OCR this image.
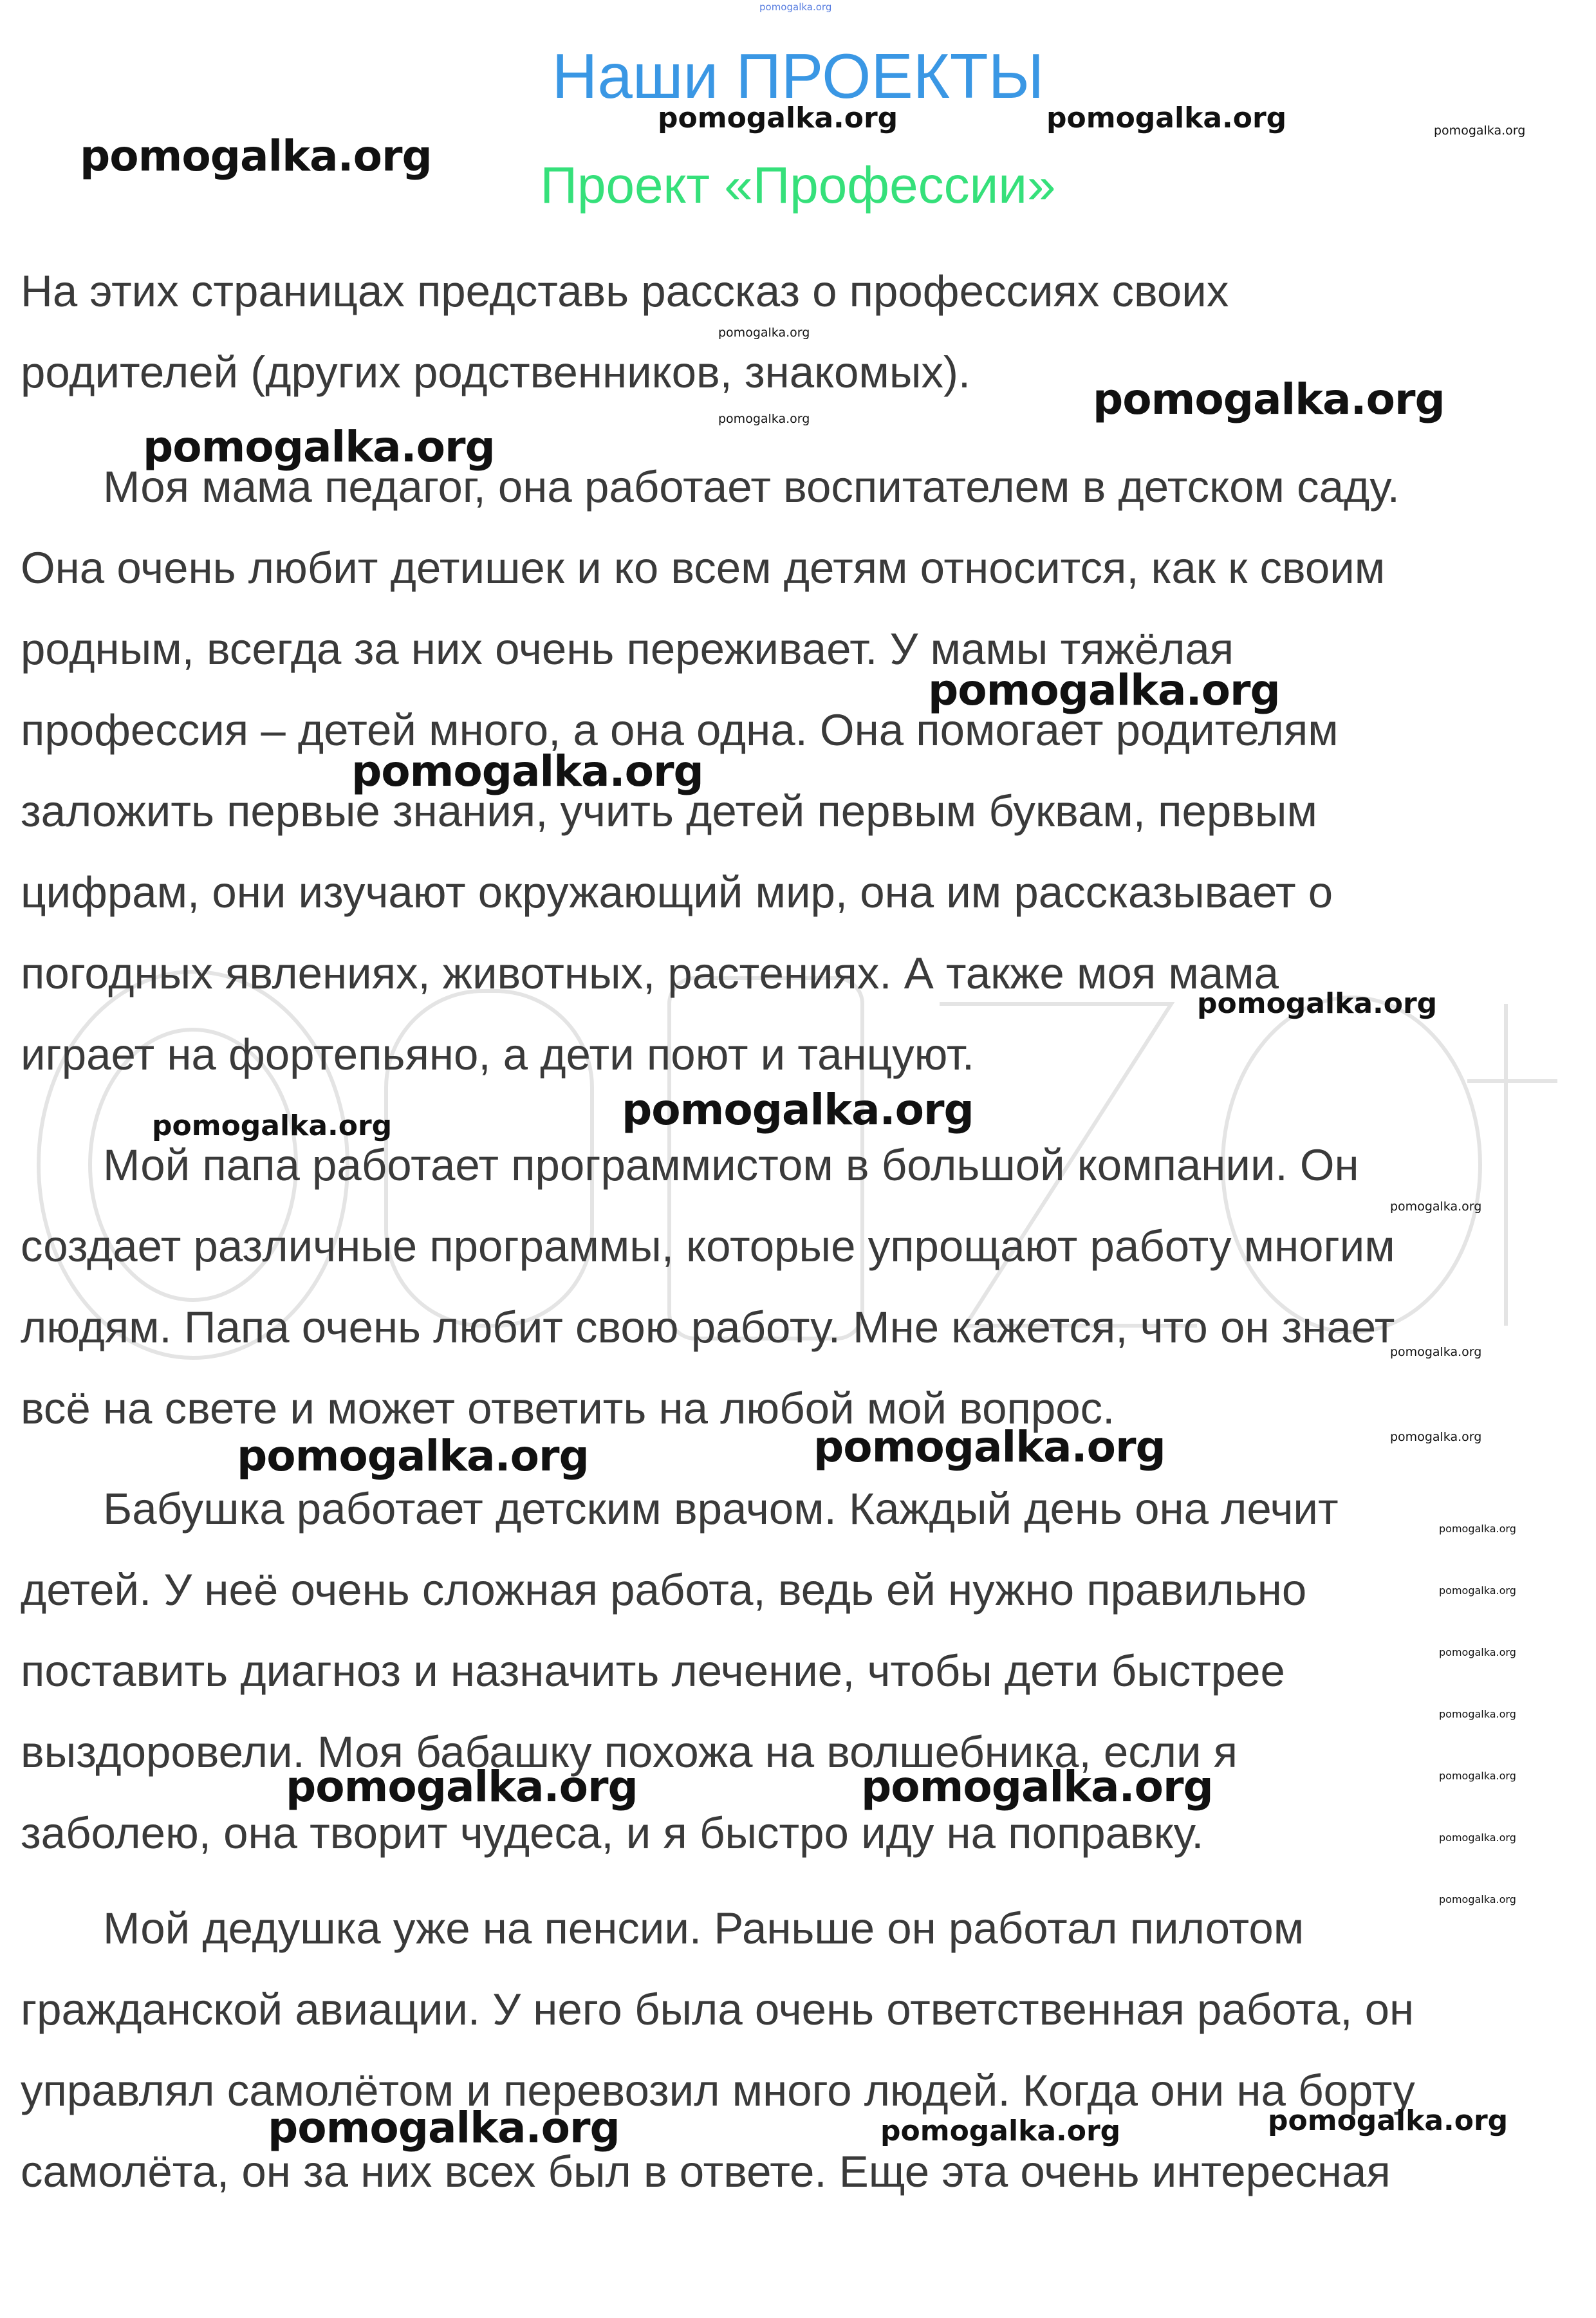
pomogalka.org
Наши ПРОЕКТЫ
Проект «Профессии»

На этих страницах представь рассказ о профессиях своих

родителей (других родственников, знакомых).

Моя мама педагог, она работает воспитателем в детском саду.

Она очень любит детишек и ко всем детям относится, как к своим

родным, всегда за них очень переживает. У мамы тяжёлая

профессия – детей много, а она одна. Она помогает родителям

заложить первые знания, учить детей первым буквам, первым

цифрам, они изучают окружающий мир, она им рассказывает о

погодных явлениях, животных, растениях. А также моя мама

играет на фортепьяно, а дети поют и танцуют.

Мой папа работает программистом в большой компании. Он

создает различные программы, которые упрощают работу многим

людям. Папа очень любит свою работу. Мне кажется, что он знает

всё на свете и может ответить на любой мой вопрос.

Бабушка работает детским врачом. Каждый день она лечит

детей. У неё очень сложная работа, ведь ей нужно правильно

поставить диагноз и назначить лечение, чтобы дети быстрее

выздоровели. Моя бабашку похожа на волшебника, если я

заболею, она творит чудеса, и я быстро иду на поправку.

Мой дедушка уже на пенсии. Раньше он работал пилотом

гражданской авиации. У него была очень ответственная работа, он

управлял самолётом и перевозил много людей. Когда они на борту

самолёта, он за них всех был в ответе. Еще эта очень интересная

pomogalka.org
pomogalka.org	pomogalka.org	pomogalka.org
pomogalka.org
pomogalka.org	pomogalka.org
pomogalka.org
pomogalka.org
pomogalka.org
pomogalka.org
pomogalka.org	pomogalka.org
pomogalka.org
pomogalka.org
pomogalka.org
pomogalka.org	pomogalka.org
pomogalka.org
pomogalka.org
pomogalka.org
pomogalka.org
pomogalka.org
pomogalka.org
pomogalka.org
pomogalka.org	pomogalka.org
pomogalka.org	pomogalka.org	pomogalka.org
